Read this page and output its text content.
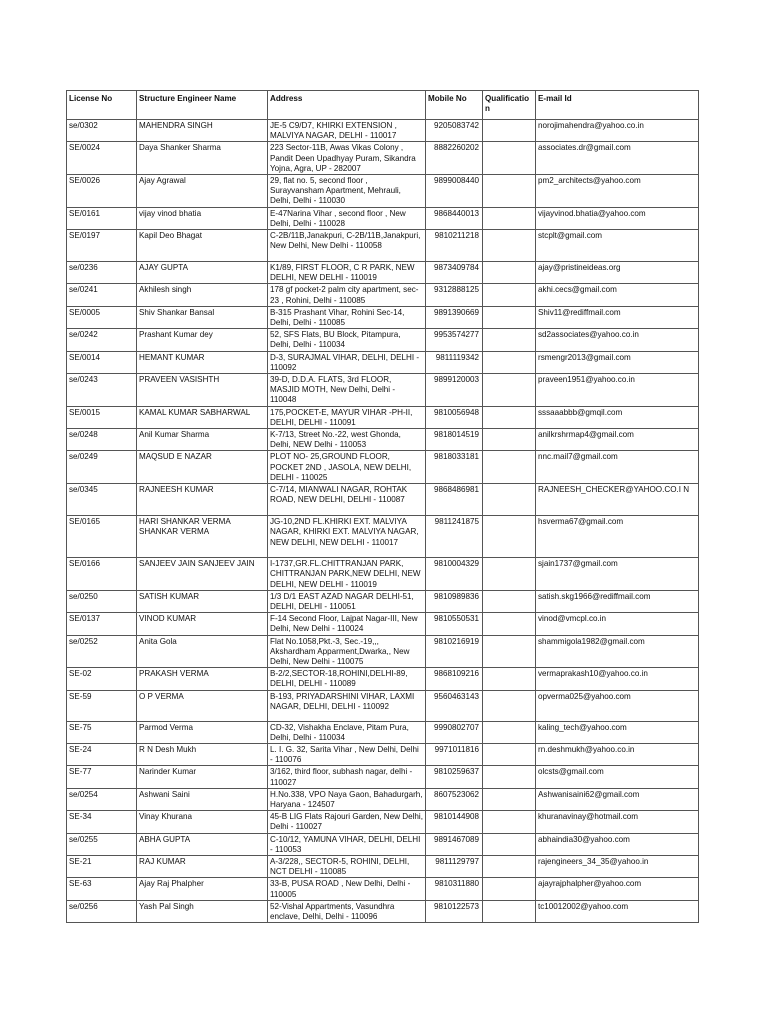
License No	Structure Engineer Name	Address	Mobile No	Qualificatio n	E-mail Id
se/0302	MAHENDRA SINGH	JE-5 C9/D7, KHIRKI EXTENSION , MALVIYA NAGAR, DELHI - 110017	9205083742		norojimahendra@yahoo.co.in
SE/0024	Daya Shanker Sharma	223 Sector-11B, Awas Vikas Colony , Pandit Deen Upadhyay Puram, Sikandra Yojna, Agra, UP - 282007	8882260202		associates.dr@gmail.com
SE/0026	Ajay Agrawal	29, flat no. 5, second floor , Surayvansham Apartment, Mehrauli, Delhi, Delhi - 110030	9899008440		pm2_architects@yahoo.com
SE/0161	vijay vinod bhatia	E-47Narina Vihar , second floor , New Delhi, Delhi - 110028	9868440013		vijayvinod.bhatia@yahoo.com
SE/0197	Kapil Deo Bhagat	C-2B/11B,Janakpuri, C-2B/11B,Janakpuri, New Delhi, New Delhi - 110058	9810211218		stcplt@gmail.com
se/0236	AJAY GUPTA	K1/89, FIRST FLOOR, C R PARK, NEW DELHI, NEW DELHI - 110019	9873409784		ajay@pristineideas.org
se/0241	Akhilesh singh	178 gf pocket-2 palm city apartment, sec-23 , Rohini, Delhi - 110085	9312888125		akhi.cecs@gmail.com
SE/0005	Shiv Shankar Bansal	B-315 Prashant Vihar, Rohini Sec-14, Delhi, Delhi - 110085	9891390669		Shiv11@rediffmail.com
se/0242	Prashant Kumar dey	52, SFS Flats, BU Block, Pitampura, Delhi, Delhi - 110034	9953574277		sd2associates@yahoo.co.in
SE/0014	HEMANT KUMAR	D-3, SURAJMAL VIHAR, DELHI, DELHI - 110092	9811119342		rsmengr2013@gmail.com
se/0243	PRAVEEN VASISHTH	39-D, D.D.A. FLATS, 3rd FLOOR, MASJID MOTH, New Delhi, Delhi - 110048	9899120003		praveen1951@yahoo.co.in
SE/0015	KAMAL KUMAR SABHARWAL	175,POCKET-E, MAYUR VIHAR -PH-II, DELHI, DELHI - 110091	9810056948		sssaaabbb@gmqil.com
se/0248	Anil Kumar Sharma	K-7/13, Street No.-22, west Ghonda, Delhi, NEW Delhi - 110053	9818014519		anilkrshrmap4@gmail.com
se/0249	MAQSUD E NAZAR	PLOT NO- 25,GROUND FLOOR, POCKET 2ND , JASOLA, NEW DELHI, DELHI - 110025	9818033181		nnc.mail7@gmail.com
se/0345	RAJNEESH KUMAR	C-7/14, MIANWALI NAGAR, ROHTAK ROAD, NEW DELHI, DELHI - 110087	9868486981		RAJNEESH_CHECKER@YAHOO.CO.I N
SE/0165	HARI SHANKAR VERMA SHANKAR VERMA	JG-10,2ND FL.KHIRKI EXT. MALVIYA NAGAR, KHIRKI EXT. MALVIYA NAGAR, NEW DELHI, NEW DELHI - 110017	9811241875		hsverma67@gmail.com
SE/0166	SANJEEV JAIN SANJEEV JAIN	I-1737,GR.FL.CHITTRANJAN PARK, CHITTRANJAN PARK,NEW DELHI, NEW DELHI, NEW DELHI - 110019	9810004329		sjain1737@gmail.com
se/0250	SATISH KUMAR	1/3 D/1 EAST AZAD NAGAR DELHI-51, DELHI, DELHI - 110051	9810989836		satish.skg1966@rediffmail.com
SE/0137	VINOD KUMAR	F-14 Second Floor, Lajpat Nagar-III, New Delhi, New Delhi - 110024	9810550531		vinod@vmcpl.co.in
se/0252	Anita Gola	Flat No.1058,Pkt.-3, Sec.-19,,, Akshardham Apparment,Dwarka,, New Delhi, New Delhi - 110075	9810216919		shammigola1982@gmail.com
SE-02	PRAKASH VERMA	B-2/2,SECTOR-18,ROHINI,DELHI-89, DELHI, DELHI - 110089	9868109216		vermaprakash10@yahoo.co.in
SE-59	O P VERMA	B-193, PRIYADARSHINI VIHAR, LAXMI NAGAR, DELHI, DELHI - 110092	9560463143		opverma025@yahoo.com
SE-75	Parmod Verma	CD-32, Vishakha Enclave, Pitam Pura, Delhi, Delhi - 110034	9990802707		kaling_tech@yahoo.com
SE-24	R N Desh Mukh	L. I. G. 32, Sarita Vihar , New Delhi, Delhi - 110076	9971011816		rn.deshmukh@yahoo.co.in
SE-77	Narinder Kumar	3/162, third floor, subhash nagar, delhi - 110027	9810259637		olcsts@gmail.com
se/0254	Ashwani Saini	H.No.338, VPO Naya Gaon, Bahadurgarh, Haryana - 124507	8607523062		Ashwanisaini62@gmail.com
SE-34	Vinay Khurana	45-B LIG Flats Rajouri Garden, New Delhi, Delhi - 110027	9810144908		khuranavinay@hotmail.com
se/0255	ABHA GUPTA	C-10/12, YAMUNA VIHAR, DELHI, DELHI - 110053	9891467089		abhaindia30@yahoo.com
SE-21	RAJ KUMAR	A-3/228,, SECTOR-5, ROHINI, DELHI, NCT DELHI - 110085	9811129797		rajengineers_34_35@yahoo.in
SE-63	Ajay Raj Phalpher	33-B, PUSA ROAD , New Delhi, Delhi - 110005	9810311880		ajayrajphalpher@yahoo.com
se/0256	Yash Pal Singh	52-Vishal Appartments, Vasundhra enclave, Delhi, Delhi - 110096	9810122573		tc10012002@yahoo.com
